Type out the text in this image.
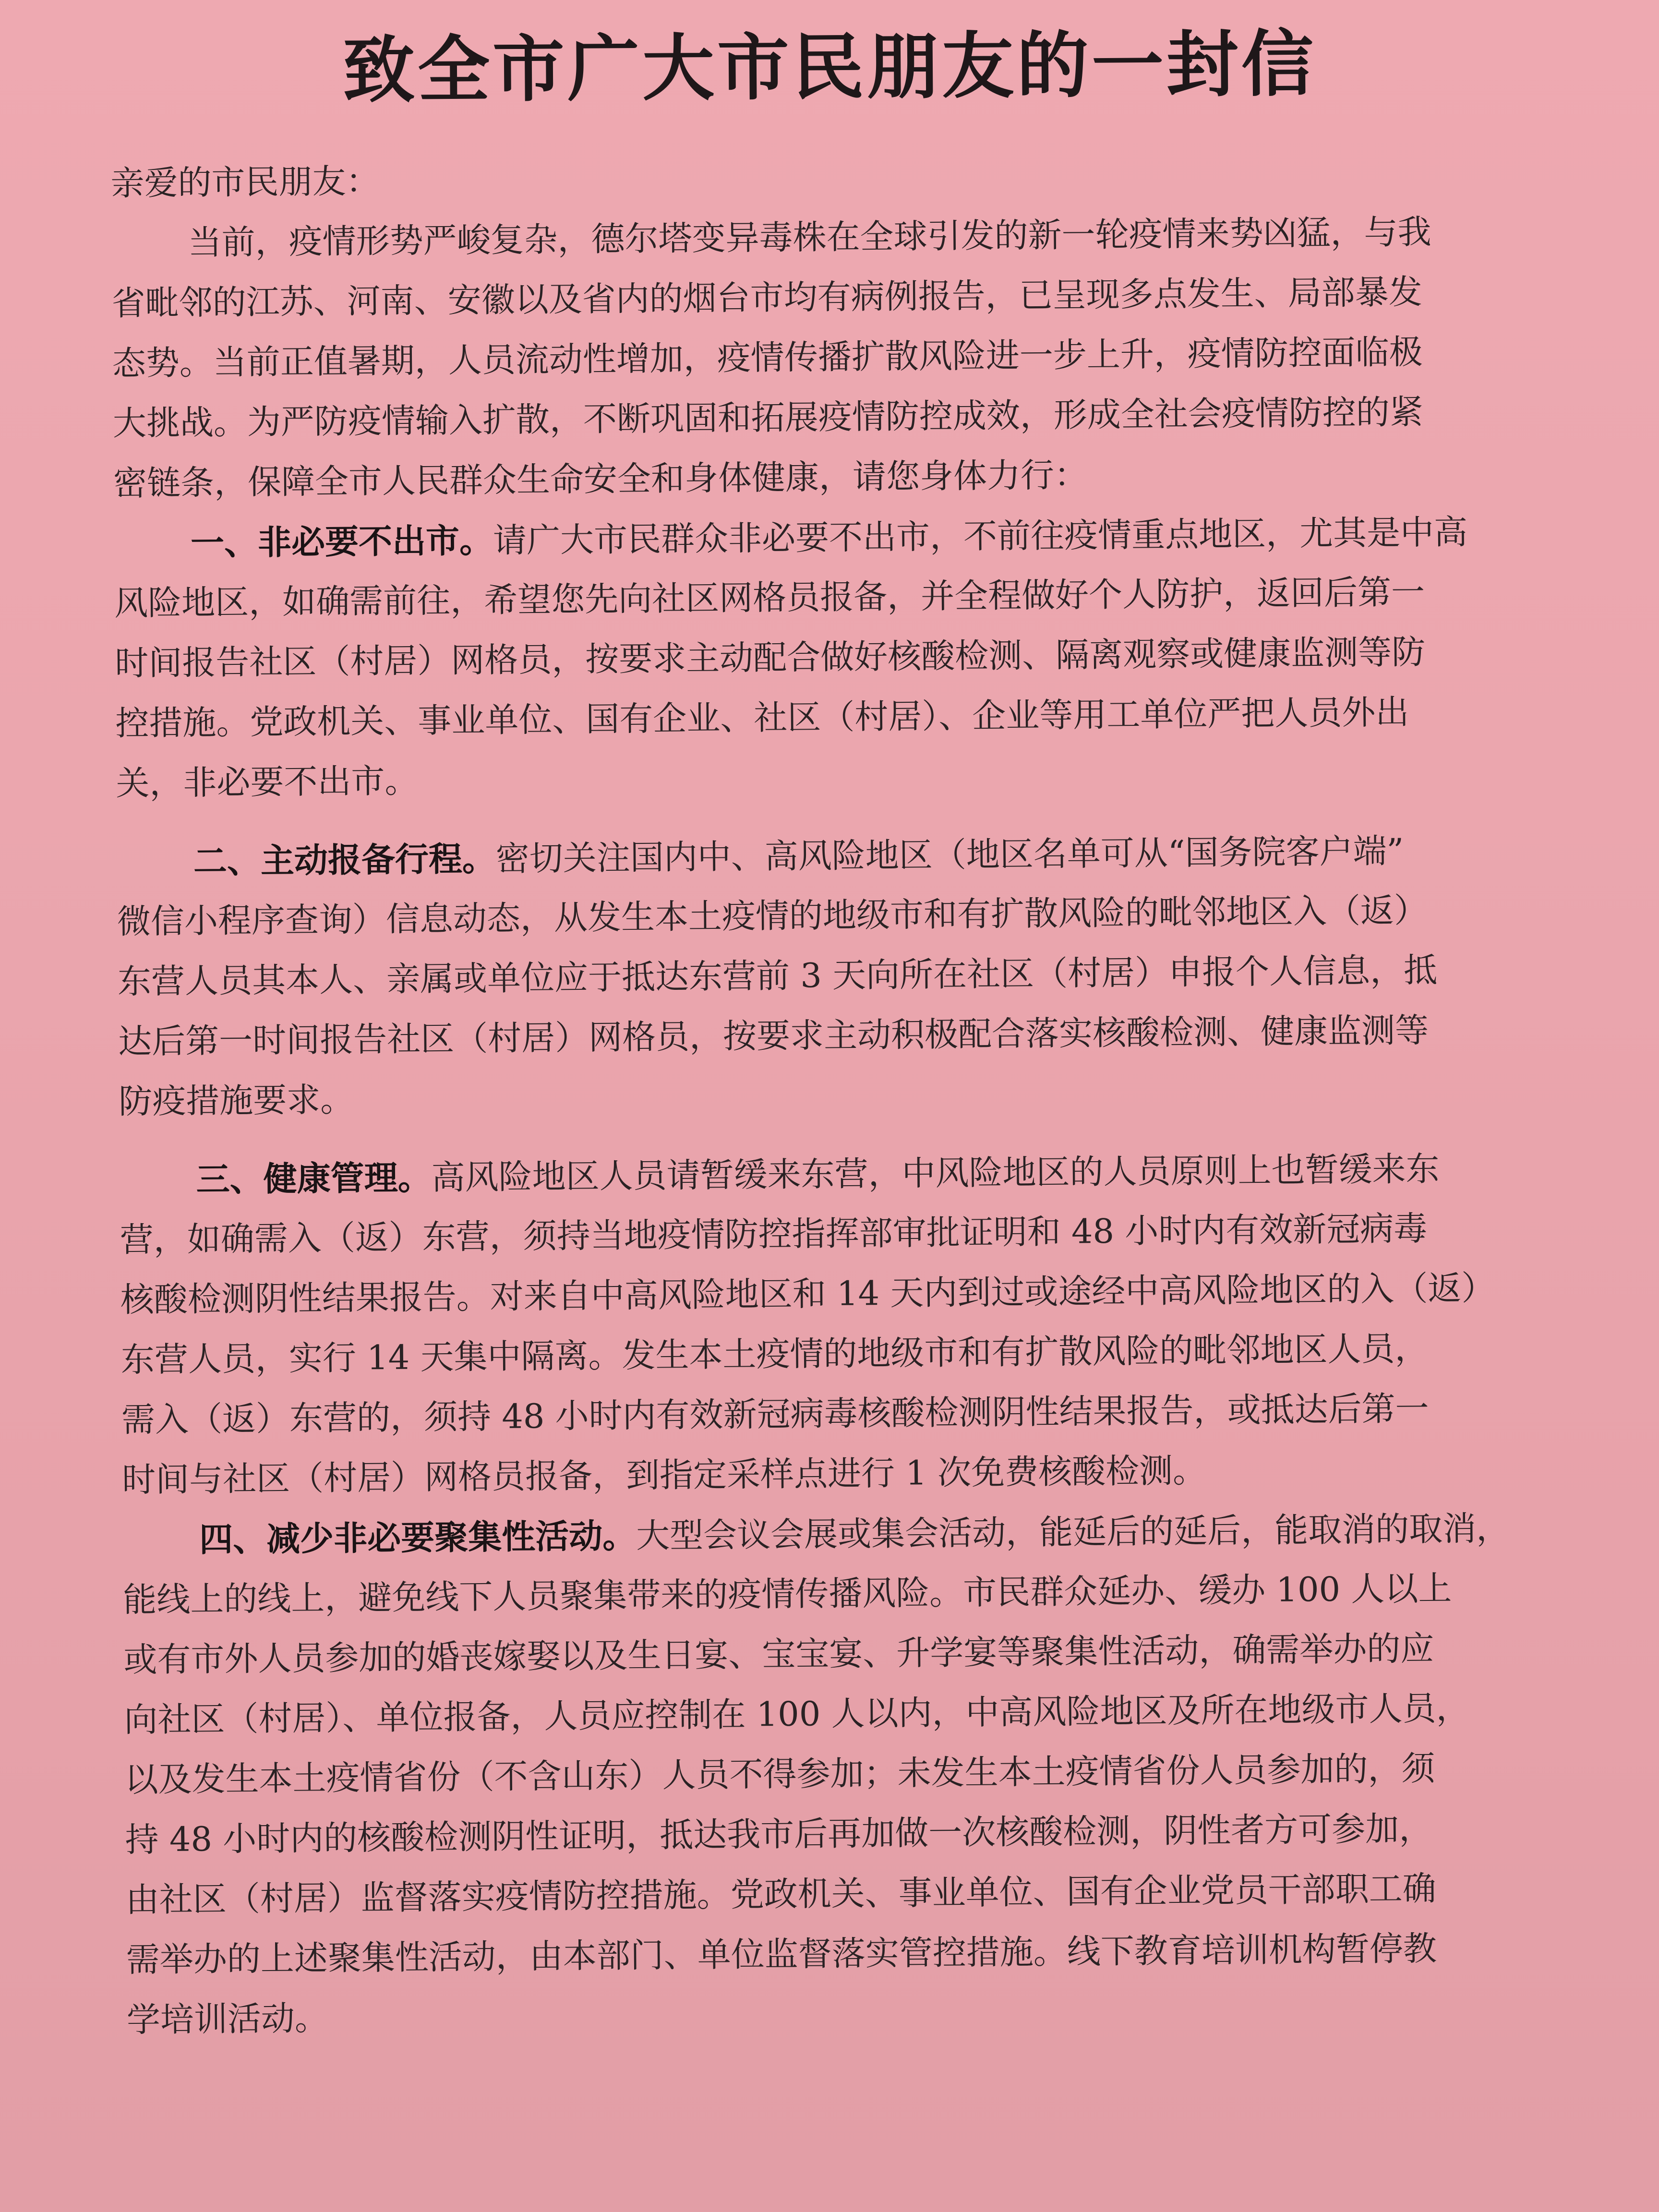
致全市广大市民朋友的一封信
亲爱的市民朋友：
当前，疫情形势严峻复杂，德尔塔变异毒株在全球引发的新一轮疫情来势凶猛，与我
省毗邻的江苏、河南、安徽以及省内的烟台市均有病例报告，已呈现多点发生、局部暴发
态势。当前正值暑期，人员流动性增加，疫情传播扩散风险进一步上升，疫情防控面临极
大挑战。为严防疫情输入扩散，不断巩固和拓展疫情防控成效，形成全社会疫情防控的紧
密链条，保障全市人民群众生命安全和身体健康，请您身体力行：
一、非必要不出市。请广大市民群众非必要不出市，不前往疫情重点地区，尤其是中高
风险地区，如确需前往，希望您先向社区网格员报备，并全程做好个人防护，返回后第一
时间报告社区（村居）网格员，按要求主动配合做好核酸检测、隔离观察或健康监测等防
控措施。党政机关、事业单位、国有企业、社区（村居）、企业等用工单位严把人员外出
关，非必要不出市。
二、主动报备行程。密切关注国内中、高风险地区（地区名单可从“国务院客户端”
微信小程序查询）信息动态，从发生本土疫情的地级市和有扩散风险的毗邻地区入（返）
东营人员其本人、亲属或单位应于抵达东营前 3 天向所在社区（村居）申报个人信息，抵
达后第一时间报告社区（村居）网格员，按要求主动积极配合落实核酸检测、健康监测等
防疫措施要求。
三、健康管理。高风险地区人员请暂缓来东营，中风险地区的人员原则上也暂缓来东
营，如确需入（返）东营，须持当地疫情防控指挥部审批证明和 48 小时内有效新冠病毒
核酸检测阴性结果报告。对来自中高风险地区和 14 天内到过或途经中高风险地区的入（返）
东营人员，实行 14 天集中隔离。发生本土疫情的地级市和有扩散风险的毗邻地区人员，
需入（返）东营的，须持 48 小时内有效新冠病毒核酸检测阴性结果报告，或抵达后第一
时间与社区（村居）网格员报备，到指定采样点进行 1 次免费核酸检测。
四、减少非必要聚集性活动。大型会议会展或集会活动，能延后的延后，能取消的取消，
能线上的线上，避免线下人员聚集带来的疫情传播风险。市民群众延办、缓办 100 人以上
或有市外人员参加的婚丧嫁娶以及生日宴、宝宝宴、升学宴等聚集性活动，确需举办的应
向社区（村居）、单位报备，人员应控制在 100 人以内，中高风险地区及所在地级市人员，
以及发生本土疫情省份（不含山东）人员不得参加；未发生本土疫情省份人员参加的，须
持 48 小时内的核酸检测阴性证明，抵达我市后再加做一次核酸检测，阴性者方可参加，
由社区（村居）监督落实疫情防控措施。党政机关、事业单位、国有企业党员干部职工确
需举办的上述聚集性活动，由本部门、单位监督落实管控措施。线下教育培训机构暂停教
学培训活动。
